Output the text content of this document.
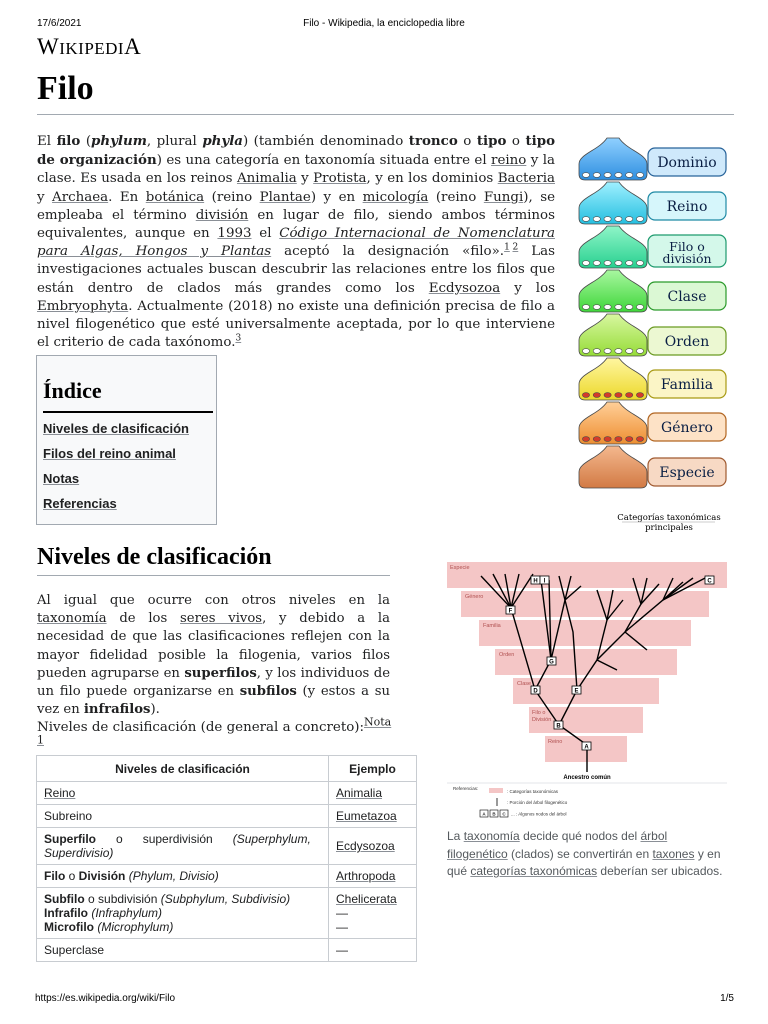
17/6/2021	Filo - Wikipedia, la enciclopedia libre
WIKIPEDIA
Filo

El filo (phylum, plural phyla) (también denominado tronco o tipo o tipo de organización) es una categoría en taxonomía situada entre el reino y la clase. Es usada en los reinos Animalia y Protista, y en los dominios Bacteria y Archaea. En botánica (reino Plantae) y en micología (reino Fungi), se empleaba el término división en lugar de filo, siendo ambos términos equivalentes, aunque en 1993 el Código Internacional de Nomenclatura para Algas, Hongos y Plantas aceptó la designación «filo».$^1$  $^2$ Las investigaciones actuales buscan descubrir las relaciones entre los filos que están dentro de clados más grandes como los Ecdysozoa y los Embryophyta. Actualmente (2018) no existe una definición precisa de filo a nivel filogenético que esté universalmente aceptada, por lo que interviene el criterio de cada taxónomo.$^3$

Índice
Niveles de clasificación
Filos del reino animal
Notas
Referencias
Dominio
Reino
Filo o división
Clase
Orden
Familia
Género
Especie
Categorías taxonómicas
principales
Niveles de clasificación

Al igual que ocurre con otros niveles en la taxonomía de los seres vivos, y debido a la necesidad de que las clasificaciones reflejen con la mayor fidelidad posible la filogenia, varios filos pueden agruparse en superfilos, y los individuos de un filo puede organizarse en subfilos (y estos a su vez en infrafilos).

Niveles de clasificación (de general a concreto):$^{Nota 1}$

Niveles de clasificación	Ejemplo
Reino	Animalia
Subreino	Eumetazoa
Superfilo      o      superdivisión      (Superphylum,
Superdivisio)	Ecdysozoa
Filo o División (Phylum, Divisio)	Arthropoda
Subfilo o subdivisión (Subphylum, Subdivisio)
Infrafilo (Infraphylum)
Microfilo (Microphylum)	Chelicerata
—
—
Superclase	—
Especie
Género
Familia
Orden
Clase
Filo o
División
Reino
H I	C
F
G
D	E
B
A
Ancestro común
Referencias:
: Categorías taxonómicas
: Porción del árbol filogenético
A B C ... : Algunos nodos del árbol

La taxonomía decide qué nodos del árbol filogenético (clados) se convertirán en taxones y en qué categorías taxonómicas deberían ser ubicados.

https://es.wikipedia.org/wiki/Filo	1/5
